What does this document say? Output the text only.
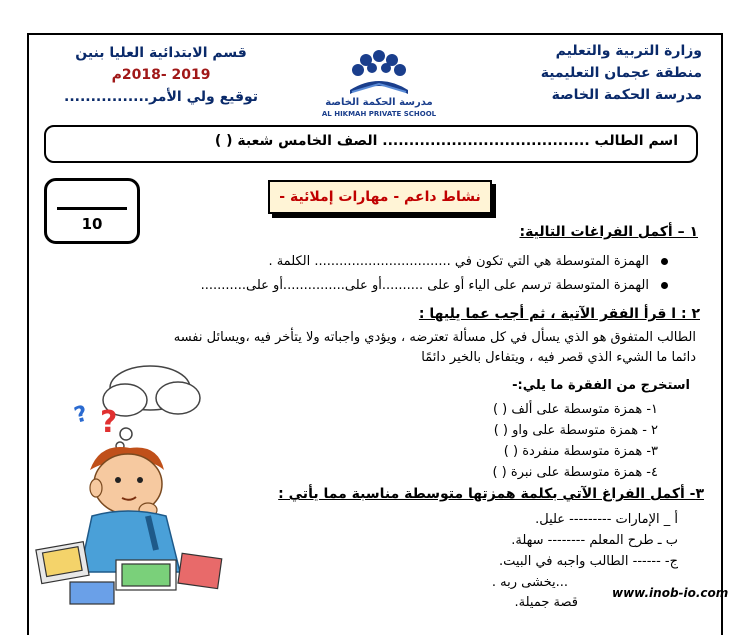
وزارة التربية والتعليم
منطقة عجمان التعليمية
مدرسة الحكمة الخاصة
قسم الابتدائية العليا بنين
2019 -2018م
توقيع ولي الأمر................	مدرسة الحكمة الخاصة
AL HIKMAH PRIVATE SCHOOL
اسم الطالب ....................................... الصف الخامس شعبة ( )
10
نشاط داعم - مهارات إملائية -
١ – أكمل الفراغات التالية:
الهمزة المتوسطة هي التي تكون في ................................. الكلمة .
الهمزة المتوسطة ترسم على الياء أو على ..........أو على...............أو على...........
٢ : ا قرأ الفقر الآتية ، ثم أجب عما يليها :
الطالب المتفوق هو الذي يسأل في كل مسألة تعترضه ، ويؤدي واجباته ولا يتأخر فيه ،ويسائل نفسه
دائما ما الشيء الذي قصر فيه ، ويتفاءل بالخير دائمًا
استخرج من الفقرة ما يلي:-
١- همزة متوسطة على ألف ( )
٢ - همزة متوسطة على واو ( )
٣- همزة متوسطة منفردة ( )
٤- همزة متوسطة على نبرة ( )
٣- أكمل الفراغ الآتي بكلمة همزتها متوسطة مناسبة مما يأتي :
أ _ الإمارات --------- عليل.
ب ـ طرح المعلم -------- سهلة.
ج- ------ الطالب واجبه في البيت.
...يخشى ربه .
قصة جميلة.
?
?
www.inob-io.com
